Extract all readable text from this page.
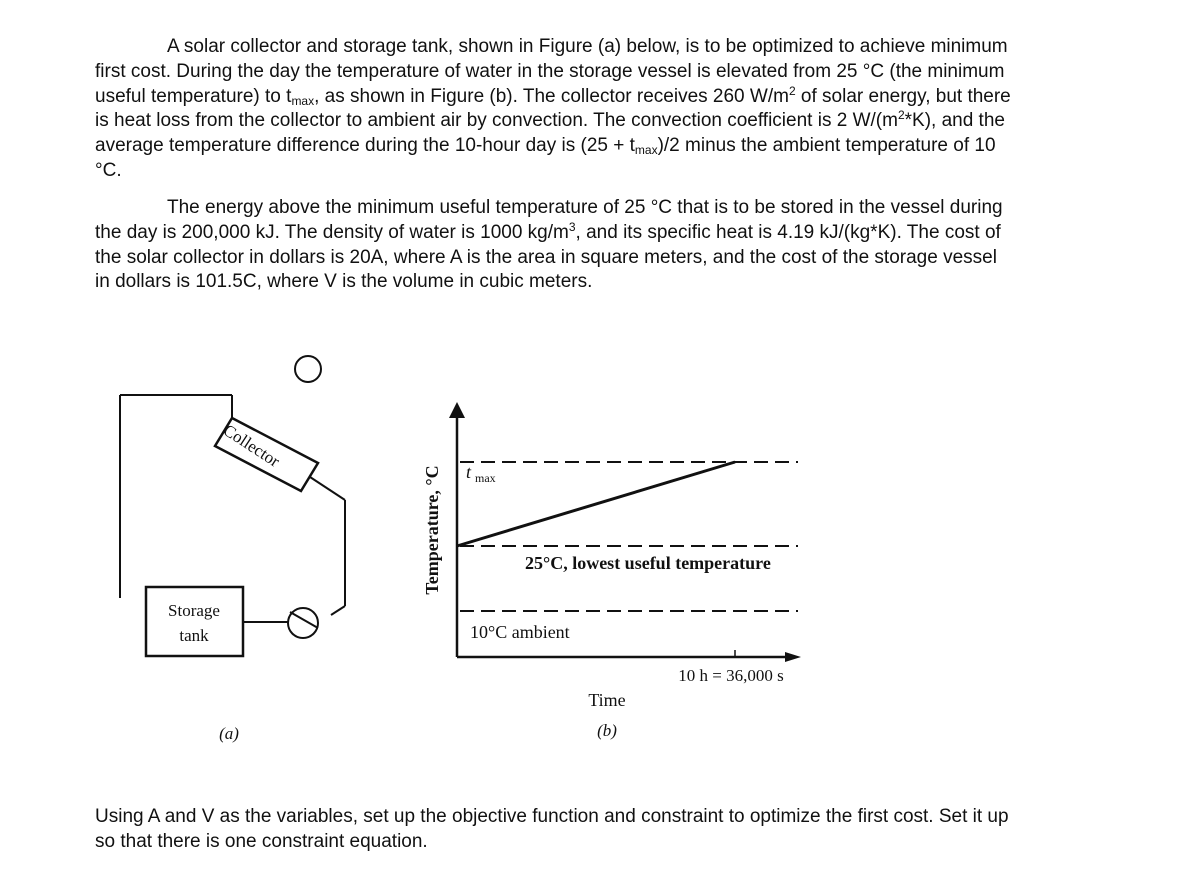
A solar collector and storage tank, shown in Figure (a) below, is to be optimized to achieve minimum first cost. During the day the temperature of water in the storage vessel is elevated from 25 °C (the minimum useful temperature) to $t_{max}$, as shown in Figure (b). The collector receives 260 $W/m^2$ of solar energy, but there is heat loss from the collector to ambient air by convection. The convection coefficient is 2 $W/(m^2*K)$, and the average temperature difference during the 10-hour day is $(25 + t_{max})/2$ minus the ambient temperature of 10 °C.

The energy above the minimum useful temperature of 25 °C that is to be stored in the vessel during the day is 200,000 kJ. The density of water is 1000 $kg/m^3$, and its specific heat is 4.19 kJ/(kg*K). The cost of the solar collector in dollars is 20A, where A is the area in square meters, and the cost of the storage vessel in dollars is 101.5C, where V is the volume in cubic meters.

Collector
Storage
tank
(a)
Temperature, °C t max
25°C, lowest useful temperature
10°C ambient
10 h = 36,000 s
Time
(b)

Using A and V as the variables, set up the objective function and constraint to optimize the first cost. Set it up so that there is one constraint equation.
